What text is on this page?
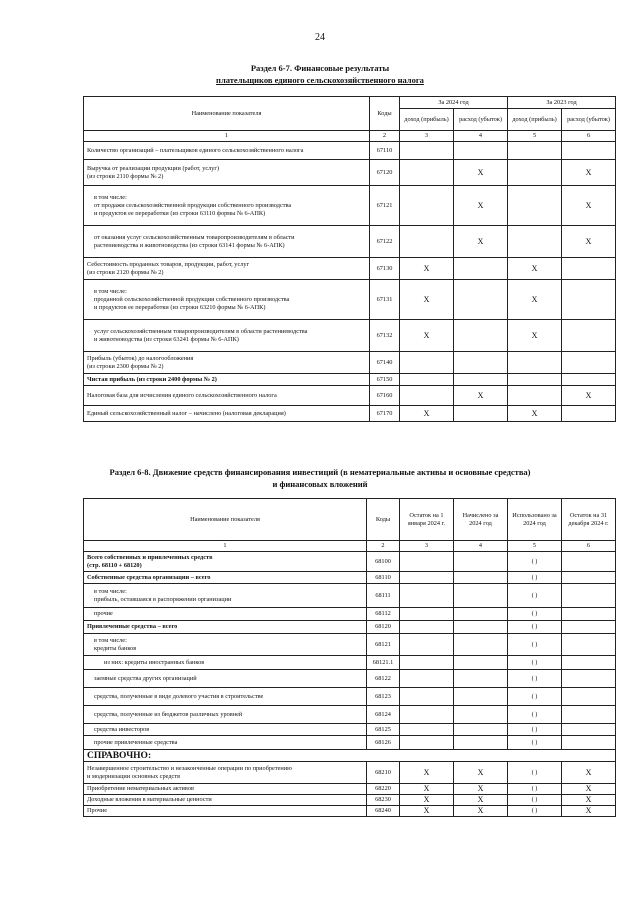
24
Раздел 6-7. Финансовые результаты
плательщиков единого сельскохозяйственного налога
Наименование показателя	Коды	За 2024 год		За 2023 год	
		доход (прибыль)	расход (убыток)	доход (прибыль)	расход (убыток)
1	2	3	4	5	6
Количество организаций – плательщиков единого сельскохозяйственного налога	67110				

Выручка от реализации продукции (работ, услуг)
(из строки 2110 формы № 2)	67120		X		X

в том числе:
от продажи сельскохозяйственной продукции собственного производства
и продуктов ее переработки (из строки 63110 формы № 6-АПК)	67121		X		X

от оказания услуг сельскохозяйственным товаропроизводителям в области
растениеводства и животноводства (из строки 63141 формы № 6-АПК)	67122		X		X

Себестоимость проданных товаров, продукции, работ, услуг
(из строки 2120 формы № 2)	67130	X		X	

в том числе:
проданной сельскохозяйственной продукции собственного производства
и продуктов ее переработки (из строки 63210 формы № 6-АПК)	67131	X		X	

услуг сельскохозяйственным товаропроизводителям в области растениеводства
и животноводства (из строки 63241 формы № 6-АПК)	67132	X		X	

Прибыль (убыток) до налогообложения
(из строки 2300 формы № 2)	67140				
Чистая прибыль (из строки 2400 формы № 2)	67150				
Налоговая база для исчисления единого сельскохозяйственного налога	67160		X		X
Единый сельскохозяйственный налог – начислено (налоговая декларация)	67170	X		X	
Раздел 6-8. Движение средств финансирования инвестиций (в нематериальные активы и основные средства)
и финансовых вложений
Наименование показателя	Коды	Остаток на 1 января 2024 г.	Начислено за 2024 год	Использовано за 2024 год	Остаток на 31 декабря 2024 г.
1	2	3	4	5	6

Всего собственных и привлеченных средств
(стр. 68110 + 68120)	68100			( )	
Собственные средства организации – всего	68110			( )	

в том числе:
прибыль, оставшаяся в распоряжении организации	68111			( )	
прочие	68112			( )	
Привлеченные средства – всего	68120			( )	

в том числе:
кредиты банков	68121			( )	
из них: кредиты иностранных банков	68121.1			( )	
заемные средства других организаций	68122			( )	
средства, полученные в виде долевого участия в строительстве	68123			( )	
средства, полученные из бюджетов различных уровней	68124			( )	
средства инвесторов	68125			( )	
прочие привлеченные средства	68126			( )	
СПРАВОЧНО:					

Незавершенное строительство и незаконченные операции по приобретению
и модернизации основных средств	68210	X	X	( )	X
Приобретение нематериальных активов	68220	X	X	( )	X
Доходные вложения в материальные ценности	68230	X	X	( )	X
Прочие	68240	X	X	( )	X
